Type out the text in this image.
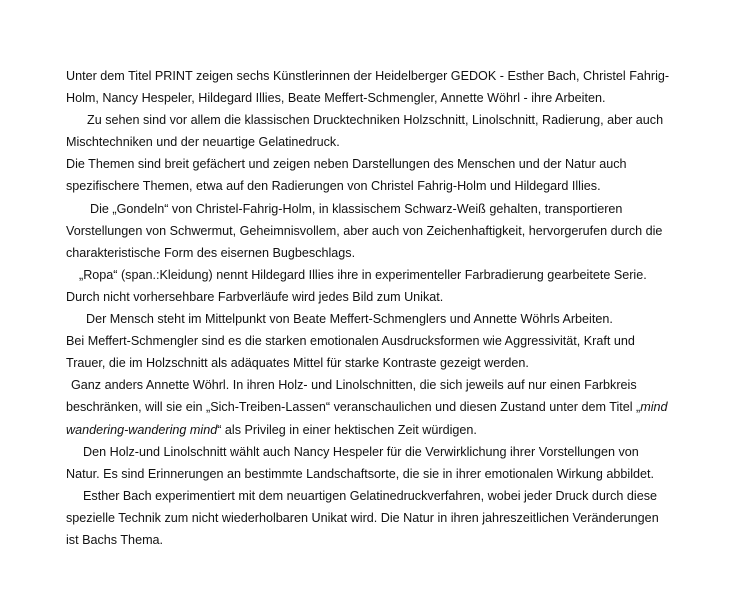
Unter dem Titel PRINT zeigen sechs Künstlerinnen der Heidelberger GEDOK - Esther Bach, Christel Fahrig-
Holm, Nancy Hespeler, Hildegard Illies, Beate Meffert-Schmengler, Annette Wöhrl - ihre Arbeiten.
Zu sehen sind vor allem die klassischen Drucktechniken Holzschnitt, Linolschnitt, Radierung, aber auch
Mischtechniken und der neuartige Gelatinedruck.
Die Themen sind breit gefächert und zeigen neben Darstellungen des Menschen und der Natur auch
spezifischere Themen, etwa auf den Radierungen von Christel Fahrig-Holm und Hildegard Illies.
Die „Gondeln“ von Christel-Fahrig-Holm, in klassischem Schwarz-Weiß gehalten, transportieren
Vorstellungen von Schwermut, Geheimnisvollem, aber auch von Zeichenhaftigkeit, hervorgerufen durch die
charakteristische Form des eisernen Bugbeschlags.
„Ropa“ (span.:Kleidung) nennt Hildegard Illies ihre in experimenteller Farbradierung gearbeitete Serie.
Durch nicht vorhersehbare Farbverläufe wird jedes Bild zum Unikat.
Der Mensch steht im Mittelpunkt von Beate Meffert-Schmenglers und Annette Wöhrls Arbeiten.
Bei Meffert-Schmengler sind es die starken emotionalen Ausdrucksformen wie Aggressivität, Kraft und
Trauer, die im Holzschnitt als adäquates Mittel für starke Kontraste gezeigt werden.
Ganz anders Annette Wöhrl. In ihren Holz- und Linolschnitten, die sich jeweils auf nur einen Farbkreis
beschränken, will sie ein „Sich-Treiben-Lassen“ veranschaulichen und diesen Zustand unter dem Titel „mind
wandering-wandering mind“ als Privileg in einer hektischen Zeit würdigen.
Den Holz-und Linolschnitt wählt auch Nancy Hespeler für die Verwirklichung ihrer Vorstellungen von
Natur. Es sind Erinnerungen an bestimmte Landschaftsorte, die sie in ihrer emotionalen Wirkung abbildet.
Esther Bach experimentiert mit dem neuartigen Gelatinedruckverfahren, wobei jeder Druck durch diese
spezielle Technik zum nicht wiederholbaren Unikat wird. Die Natur in ihren jahreszeitlichen Veränderungen
ist Bachs Thema.
